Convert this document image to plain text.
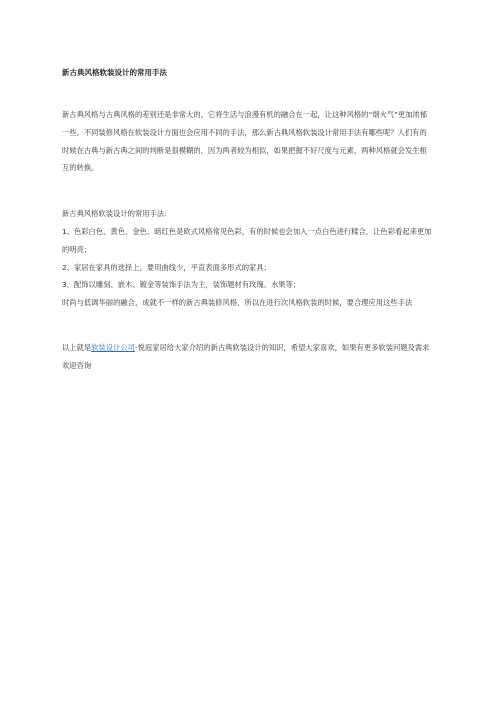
新古典风格软装设计的常用手法

新古典风格与古典风格的差别还是非常大的，它将生活与浪漫有机的融合在一起，让这种风格的“烟火气”更加浓郁一些。不同装修风格在软装设计方面也会应用不同的手法，那么新古典风格软装设计常用手法有哪些呢？人们有的时候在古典与新古典之间的判断是很模糊的，因为两者较为相似，如果把握不好尺度与元素，两种风格就会发生相互的转换。

新古典风格软装设计的常用手法：

1、色彩白色、黄色、金色、暗红色是欧式风格常见色彩，有的时候也会加入一点白色进行糅合，让色彩看起来更加的明亮；

2、家居在家具的选择上，要用曲线少，平直表面多形式的家具；

3、配饰以雕刻、嵌木、镀金等装饰手法为主，装饰题材有玫瑰、水果等；

时尚与低调华丽的融合，成就不一样的新古典装修风格，所以在进行次风格软装的时候，要合理应用这些手法

以上就是软装设计公司-悦庭家居给大家介绍的新古典软装设计的知识，希望大家喜欢，如果有更多软装问题及需求欢迎咨询
